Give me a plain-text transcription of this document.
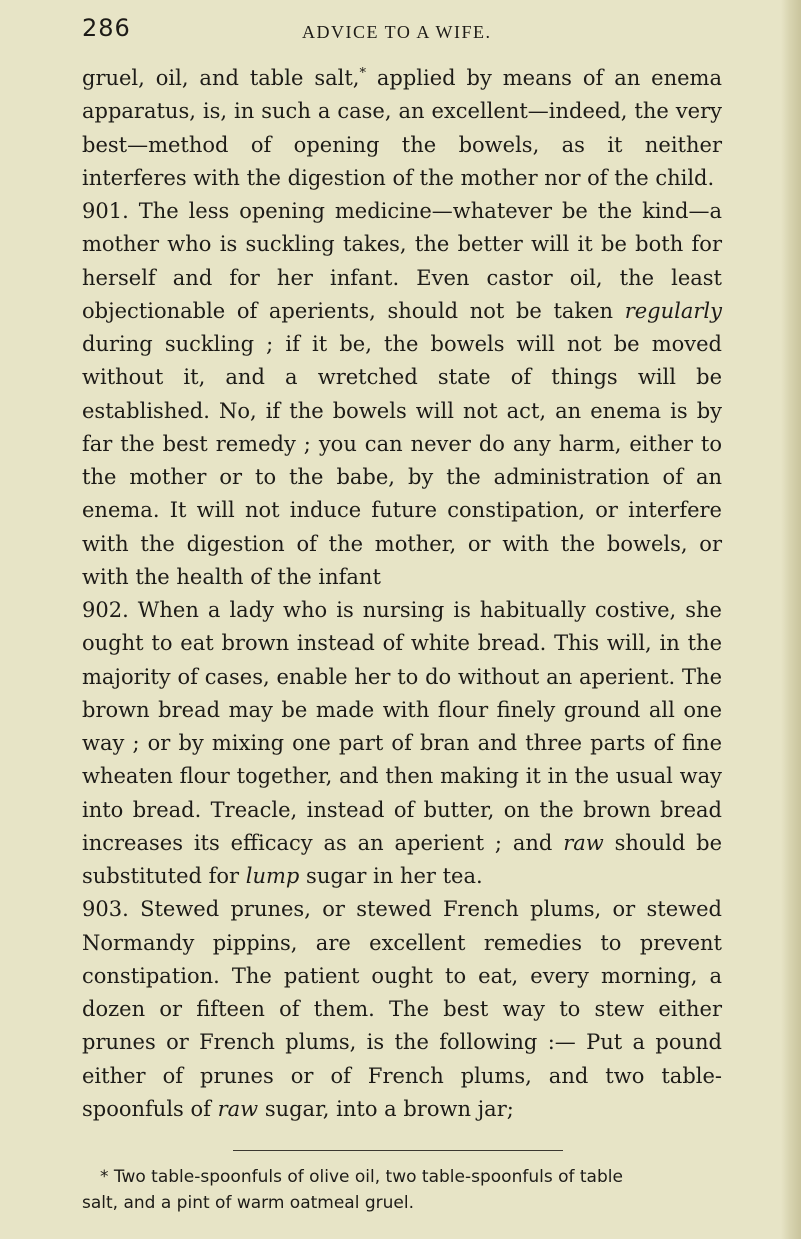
286	ADVICE TO A WIFE.

gruel, oil, and table salt,* applied by means of an enema apparatus, is, in such a case, an excellent—indeed, the very best—method of opening the bowels, as it neither interferes with the digestion of the mother nor of the child.

901. The less opening medicine—whatever be the kind—a mother who is suckling takes, the better will it be both for herself and for her infant. Even castor oil, the least objectionable of aperients, should not be taken regularly during suckling ; if it be, the bowels will not be moved without it, and a wretched state of things will be established. No, if the bowels will not act, an enema is by far the best remedy ; you can never do any harm, either to the mother or to the babe, by the administration of an enema. It will not induce future constipation, or interfere with the digestion of the mother, or with the bowels, or with the health of the infant

902. When a lady who is nursing is habitually costive, she ought to eat brown instead of white bread. This will, in the majority of cases, enable her to do without an aperient. The brown bread may be made with flour finely ground all one way ; or by mixing one part of bran and three parts of fine wheaten flour together, and then making it in the usual way into bread. Treacle, instead of butter, on the brown bread increases its efficacy as an aperient ; and raw should be substituted for lump sugar in her tea.

903. Stewed prunes, or stewed French plums, or stewed Normandy pippins, are excellent remedies to prevent constipation. The patient ought to eat, every morning, a dozen or fifteen of them. The best way to stew either prunes or French plums, is the following :— Put a pound either of prunes or of French plums, and two table-spoonfuls of raw sugar, into a brown jar;

* Two table-spoonfuls of olive oil, two table-spoonfuls of table
salt, and a pint of warm oatmeal gruel.
